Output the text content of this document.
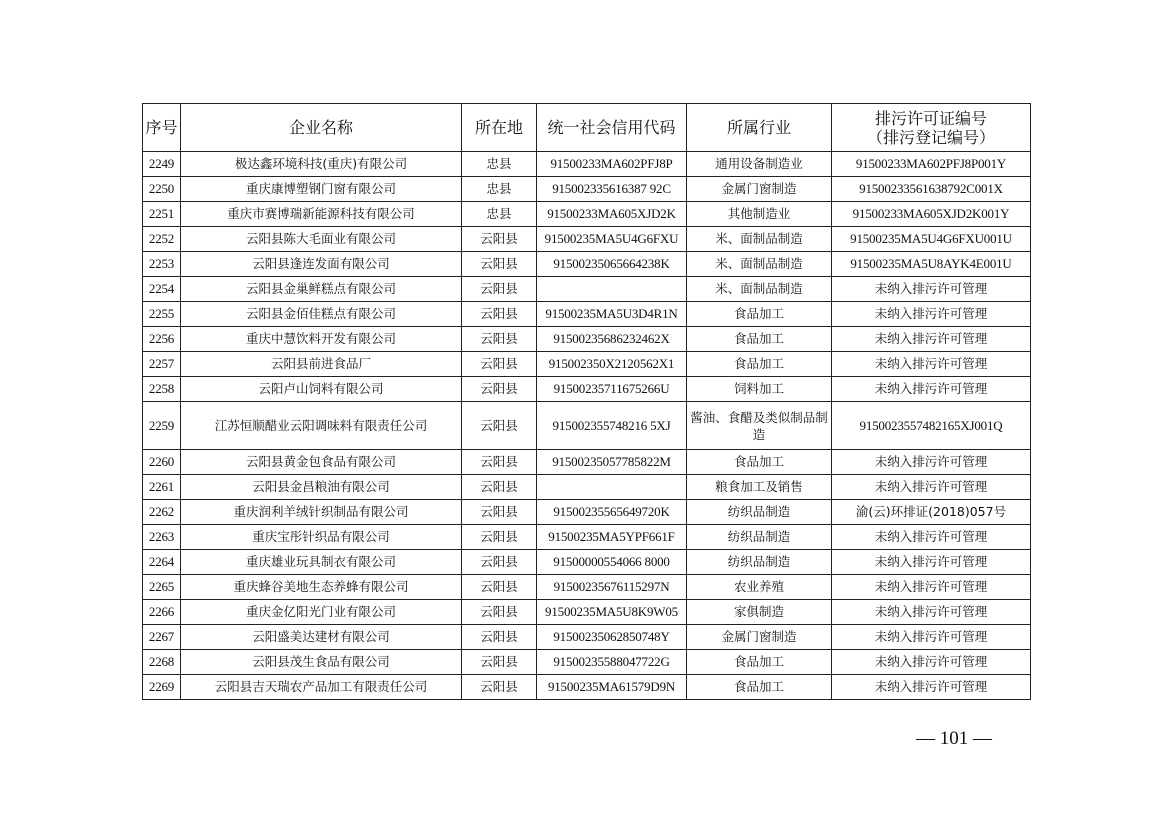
序号	企业名称	所在地	统一社会信用代码	所属行业	排污许可证编号
（排污登记编号）

2249	极达鑫环境科技(重庆)有限公司	忠县	91500233MA602PFJ8P	通用设备制造业	91500233MA602PFJ8P001Y
2250	重庆康博塑钢门窗有限公司	忠县	915002335616387 92C	金属门窗制造	91500233561638792C001X
2251	重庆市赛博瑞新能源科技有限公司	忠县	91500233MA605XJD2K	其他制造业	91500233MA605XJD2K001Y
2252	云阳县陈大毛面业有限公司	云阳县	91500235MA5U4G6FXU	米、面制品制造	91500235MA5U4G6FXU001U
2253	云阳县逢连发面有限公司	云阳县	91500235065664238K	米、面制品制造	91500235MA5U8AYK4E001U
2254	云阳县金巢鲜糕点有限公司	云阳县		米、面制品制造	未纳入排污许可管理
2255	云阳县金佰佳糕点有限公司	云阳县	91500235MA5U3D4R1N	食品加工	未纳入排污许可管理
2256	重庆中慧饮料开发有限公司	云阳县	91500235686232462X	食品加工	未纳入排污许可管理
2257	云阳县前进食品厂	云阳县	915002350X2120562X1	食品加工	未纳入排污许可管理
2258	云阳卢山饲料有限公司	云阳县	91500235711675266U	饲料加工	未纳入排污许可管理
2259	江苏恒顺醋业云阳调味料有限责任公司	云阳县	915002355748216 5XJ	酱油、食醋及类似制品制造	9150023557482165XJ001Q
2260	云阳县黄金包食品有限公司	云阳县	91500235057785822M	食品加工	未纳入排污许可管理
2261	云阳县金昌粮油有限公司	云阳县		粮食加工及销售	未纳入排污许可管理
2262	重庆润利羊绒针织制品有限公司	云阳县	91500235565649720K	纺织品制造	渝(云)环排证(2018)057号
2263	重庆宝彤针织品有限公司	云阳县	91500235MA5YPF661F	纺织品制造	未纳入排污许可管理
2264	重庆雄业玩具制衣有限公司	云阳县	91500000554066 8000	纺织品制造	未纳入排污许可管理
2265	重庆蜂谷美地生态养蜂有限公司	云阳县	91500235676115297N	农业养殖	未纳入排污许可管理
2266	重庆金亿阳光门业有限公司	云阳县	91500235MA5U8K9W05	家俱制造	未纳入排污许可管理
2267	云阳盛美达建材有限公司	云阳县	91500235062850748Y	金属门窗制造	未纳入排污许可管理
2268	云阳县茂生食品有限公司	云阳县	91500235588047722G	食品加工	未纳入排污许可管理
2269	云阳县吉天瑞农产品加工有限责任公司	云阳县	91500235MA61579D9N	食品加工	未纳入排污许可管理
— 101 —
